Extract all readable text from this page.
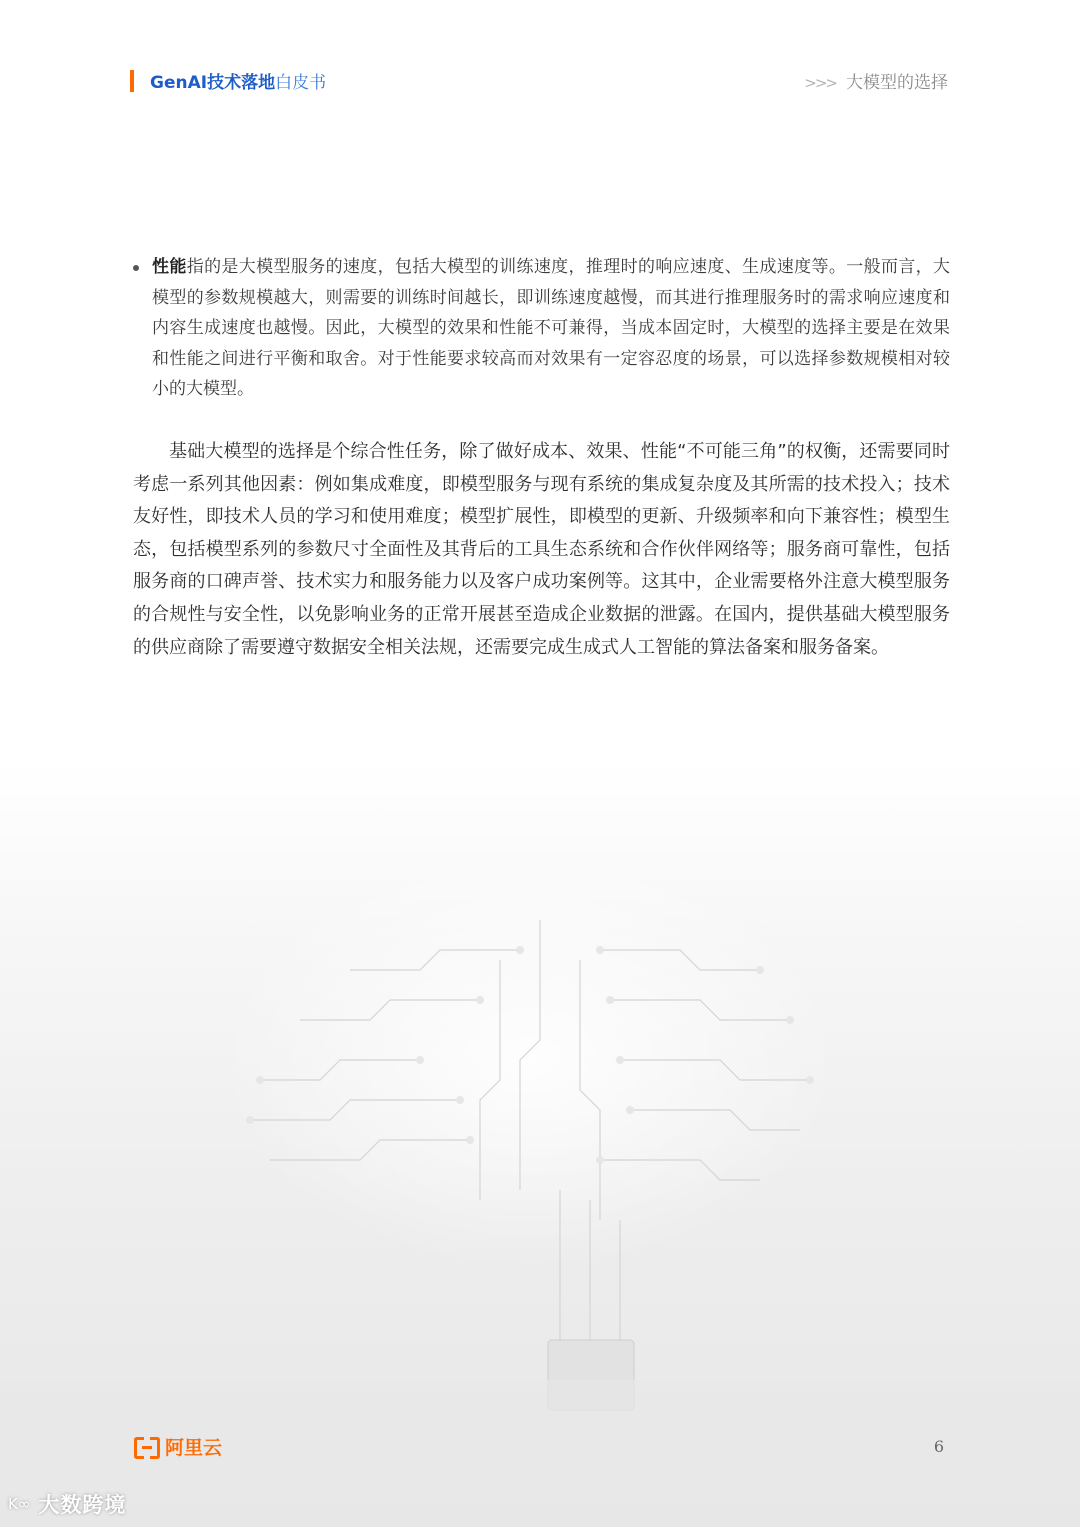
GenAI技术落地白皮书	>>> 大模型的选择
性能指的是大模型服务的速度，包括大模型的训练速度，推理时的响应速度、生成速度等。一般而言，大模型的参数规模越大，则需要的训练时间越长，即训练速度越慢，而其进行推理服务时的需求响应速度和内容生成速度也越慢。因此，大模型的效果和性能不可兼得，当成本固定时，大模型的选择主要是在效果和性能之间进行平衡和取舍。对于性能要求较高而对效果有一定容忍度的场景，可以选择参数规模相对较小的大模型。

基础大模型的选择是个综合性任务，除了做好成本、效果、性能“不可能三角”的权衡，还需要同时考虑一系列其他因素：例如集成难度，即模型服务与现有系统的集成复杂度及其所需的技术投入；技术友好性，即技术人员的学习和使用难度；模型扩展性，即模型的更新、升级频率和向下兼容性；模型生态，包括模型系列的参数尺寸全面性及其背后的工具生态系统和合作伙伴网络等；服务商可靠性，包括服务商的口碑声誉、技术实力和服务能力以及客户成功案例等。这其中，企业需要格外注意大模型服务的合规性与安全性，以免影响业务的正常开展甚至造成企业数据的泄露。在国内，提供基础大模型服务的供应商除了需要遵守数据安全相关法规，还需要完成生成式人工智能的算法备案和服务备案。

阿里云	6
K∞ 大数跨境
